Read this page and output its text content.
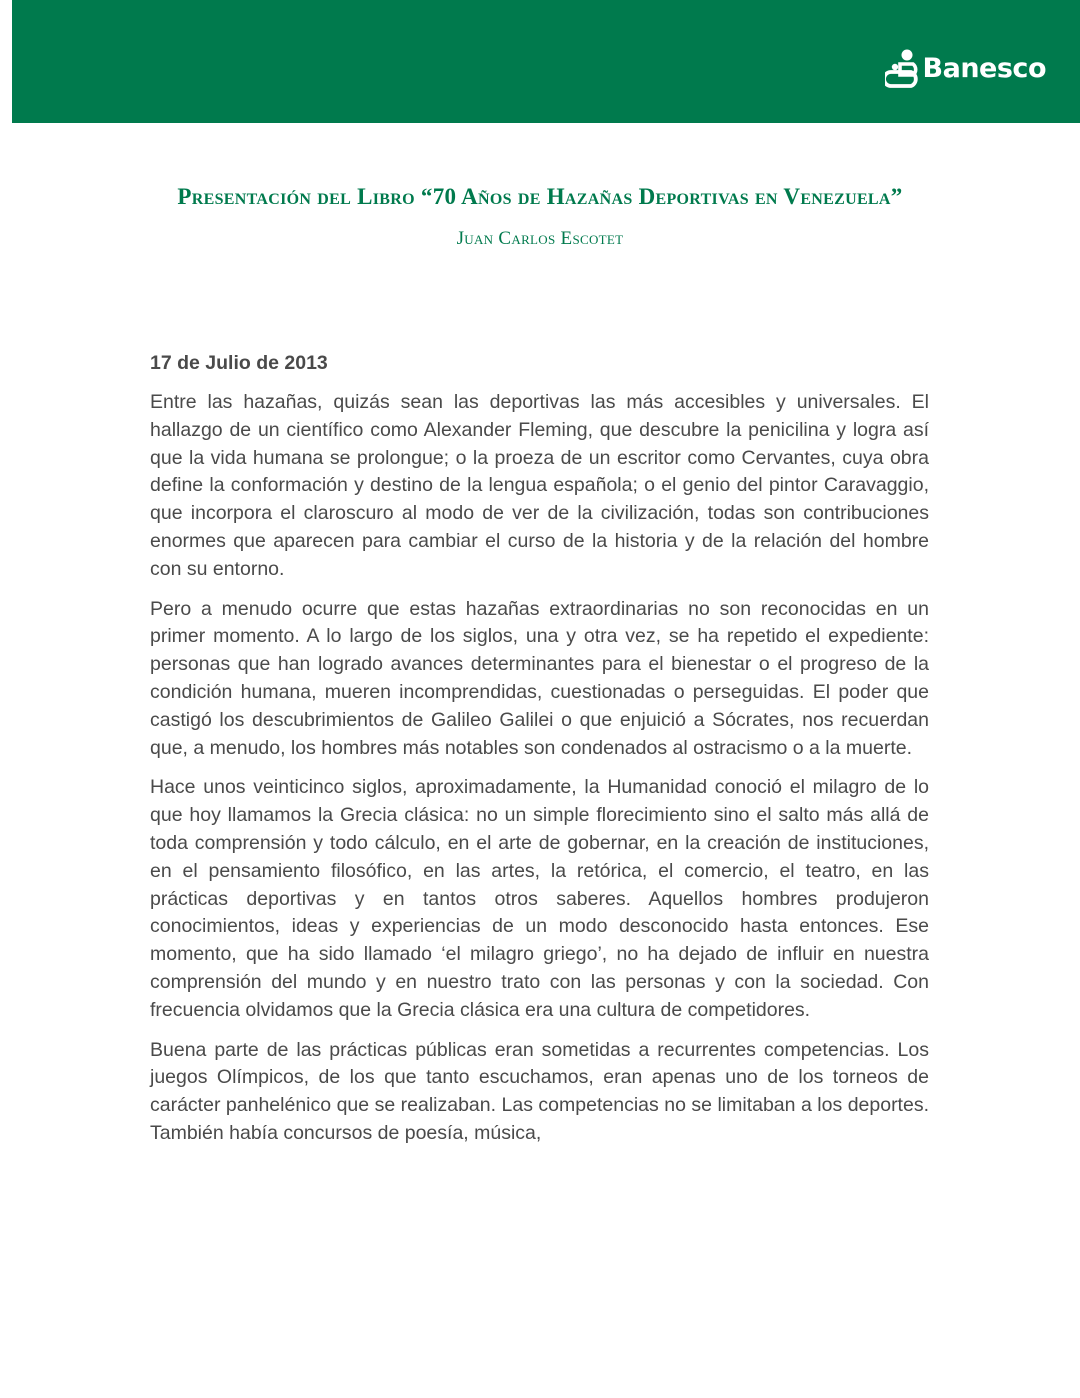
Banesco
Presentación del Libro “70 Años de Hazañas Deportivas en Venezuela”

Juan Carlos Escotet

17 de Julio de 2013

Entre las hazañas, quizás sean las deportivas las más accesibles y universales. El hallazgo de un científico como Alexander Fleming, que descubre la penicilina y logra así que la vida humana se prolongue; o la proeza de un escritor como Cervantes, cuya obra define la conformación y destino de la lengua española; o el genio del pintor Caravaggio, que incorpora el claroscuro al modo de ver de la civilización, todas son contribuciones enormes que aparecen para cambiar el curso de la historia y de la relación del hombre con su entorno.

Pero a menudo ocurre que estas hazañas extraordinarias no son reconocidas en un primer momento. A lo largo de los siglos, una y otra vez, se ha repetido el expediente: personas que han logrado avances determinantes para el bienestar o el progreso de la condición humana, mueren incomprendidas, cuestionadas o perseguidas. El poder que castigó los descubrimientos de Galileo Galilei o que enjuició a Sócrates, nos recuerdan que, a menudo, los hombres más notables son condenados al ostracismo o a la muerte.

Hace unos veinticinco siglos, aproximadamente, la Humanidad conoció el milagro de lo que hoy llamamos la Grecia clásica: no un simple florecimiento sino el salto más allá de toda comprensión y todo cálculo, en el arte de gobernar, en la creación de instituciones, en el pensamiento filosófico, en las artes, la retórica, el comercio, el teatro, en las prácticas deportivas y en tantos otros saberes. Aquellos hombres produjeron conocimientos, ideas y experiencias de un modo desconocido hasta entonces. Ese momento, que ha sido llamado ‘el milagro griego’, no ha dejado de influir en nuestra comprensión del mundo y en nuestro trato con las personas y con la sociedad. Con frecuencia olvidamos que la Grecia clásica era una cultura de competidores.

Buena parte de las prácticas públicas eran sometidas a recurrentes competencias. Los juegos Olímpicos, de los que tanto escuchamos, eran apenas uno de los torneos de carácter panhelénico que se realizaban. Las competencias no se limitaban a los deportes. También había concursos de poesía, música,
